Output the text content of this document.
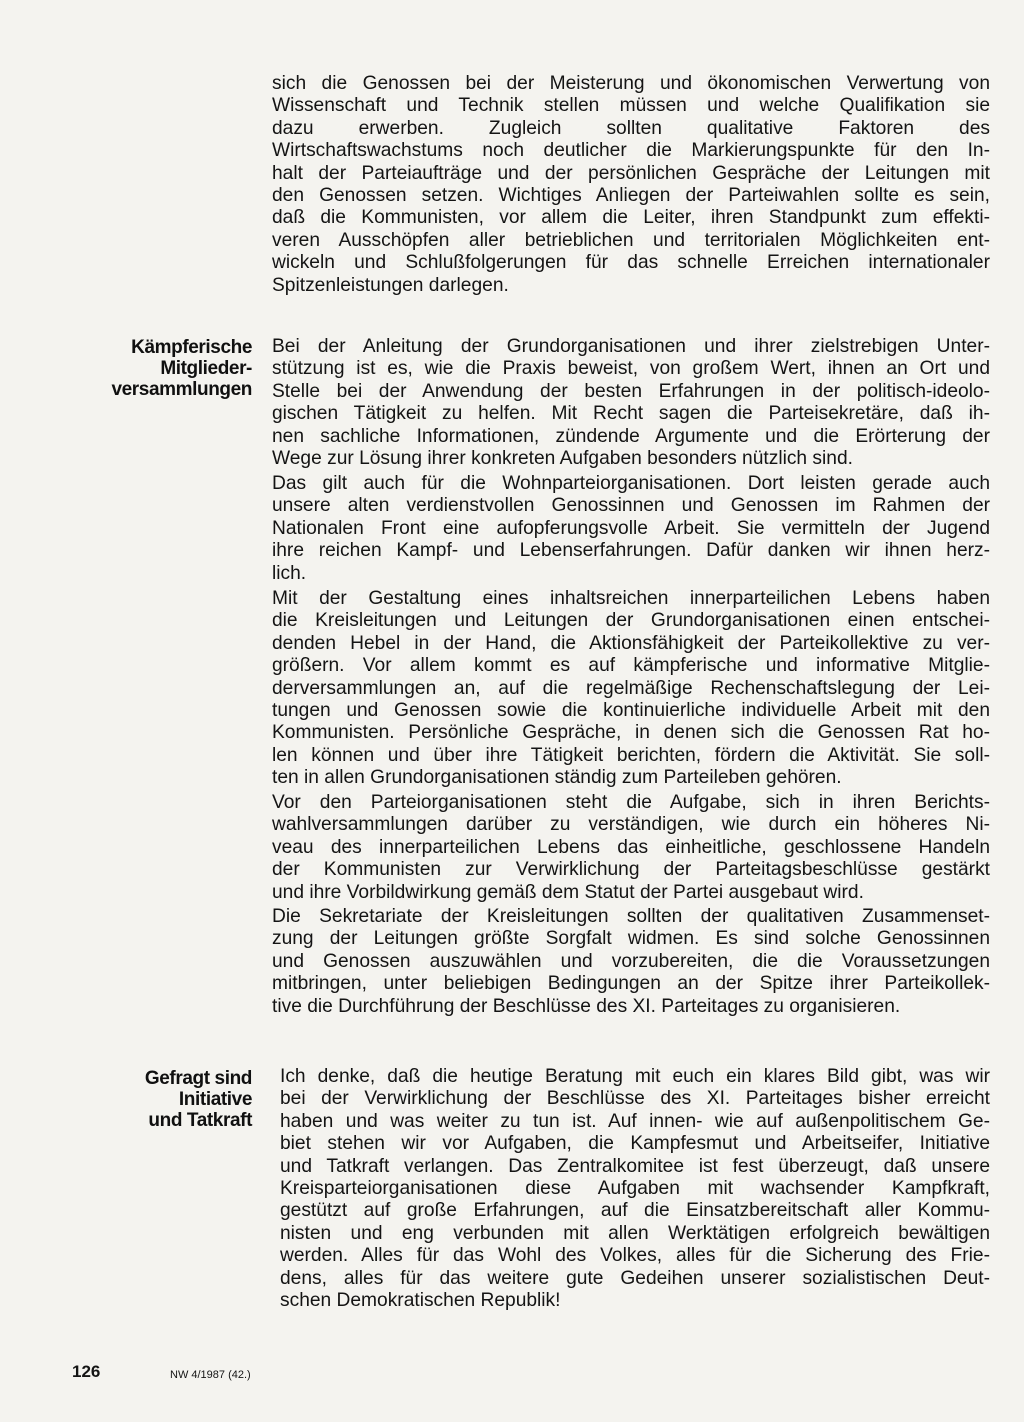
Kämpferische
Mitglieder-
versammlungen
Gefragt sind
Initiative
und Tatkraft
sich die Genossen bei der Meisterung und ökonomischen Verwertung von
Wissenschaft und Technik stellen müssen und welche Qualifikation sie
dazu erwerben. Zugleich sollten qualitative Faktoren des
Wirtschaftswachstums noch deutlicher die Markierungspunkte für den In-
halt der Parteiaufträge und der persönlichen Gespräche der Leitungen mit
den Genossen setzen. Wichtiges Anliegen der Parteiwahlen sollte es sein,
daß die Kommunisten, vor allem die Leiter, ihren Standpunkt zum effekti-
veren Ausschöpfen aller betrieblichen und territorialen Möglichkeiten ent-
wickeln und Schlußfolgerungen für das schnelle Erreichen internationaler
Spitzenleistungen darlegen.
Bei der Anleitung der Grundorganisationen und ihrer zielstrebigen Unter-
stützung ist es, wie die Praxis beweist, von großem Wert, ihnen an Ort und
Stelle bei der Anwendung der besten Erfahrungen in der politisch-ideolo-
gischen Tätigkeit zu helfen. Mit Recht sagen die Parteisekretäre, daß ih-
nen sachliche Informationen, zündende Argumente und die Erörterung der
Wege zur Lösung ihrer konkreten Aufgaben besonders nützlich sind.
Das gilt auch für die Wohnparteiorganisationen. Dort leisten gerade auch
unsere alten verdienstvollen Genossinnen und Genossen im Rahmen der
Nationalen Front eine aufopferungsvolle Arbeit. Sie vermitteln der Jugend
ihre reichen Kampf- und Lebenserfahrungen. Dafür danken wir ihnen herz-
lich.
Mit der Gestaltung eines inhaltsreichen innerparteilichen Lebens haben
die Kreisleitungen und Leitungen der Grundorganisationen einen entschei-
denden Hebel in der Hand, die Aktionsfähigkeit der Parteikollektive zu ver-
größern. Vor allem kommt es auf kämpferische und informative Mitglie-
derversammlungen an, auf die regelmäßige Rechenschaftslegung der Lei-
tungen und Genossen sowie die kontinuierliche individuelle Arbeit mit den
Kommunisten. Persönliche Gespräche, in denen sich die Genossen Rat ho-
len können und über ihre Tätigkeit berichten, fördern die Aktivität. Sie soll-
ten in allen Grundorganisationen ständig zum Parteileben gehören.
Vor den Parteiorganisationen steht die Aufgabe, sich in ihren Berichts-
wahlversammlungen darüber zu verständigen, wie durch ein höheres Ni-
veau des innerparteilichen Lebens das einheitliche, geschlossene Handeln
der Kommunisten zur Verwirklichung der Parteitagsbeschlüsse gestärkt
und ihre Vorbildwirkung gemäß dem Statut der Partei ausgebaut wird.
Die Sekretariate der Kreisleitungen sollten der qualitativen Zusammenset-
zung der Leitungen größte Sorgfalt widmen. Es sind solche Genossinnen
und Genossen auszuwählen und vorzubereiten, die die Voraussetzungen
mitbringen, unter beliebigen Bedingungen an der Spitze ihrer Parteikollek-
tive die Durchführung der Beschlüsse des XI. Parteitages zu organisieren.
Ich denke, daß die heutige Beratung mit euch ein klares Bild gibt, was wir
bei der Verwirklichung der Beschlüsse des XI. Parteitages bisher erreicht
haben und was weiter zu tun ist. Auf innen- wie auf außenpolitischem Ge-
biet stehen wir vor Aufgaben, die Kampfesmut und Arbeitseifer, Initiative
und Tatkraft verlangen. Das Zentralkomitee ist fest überzeugt, daß unsere
Kreisparteiorganisationen diese Aufgaben mit wachsender Kampfkraft,
gestützt auf große Erfahrungen, auf die Einsatzbereitschaft aller Kommu-
nisten und eng verbunden mit allen Werktätigen erfolgreich bewältigen
werden. Alles für das Wohl des Volkes, alles für die Sicherung des Frie-
dens, alles für das weitere gute Gedeihen unserer sozialistischen Deut-
schen Demokratischen Republik!
126	NW 4/1987 (42.)
